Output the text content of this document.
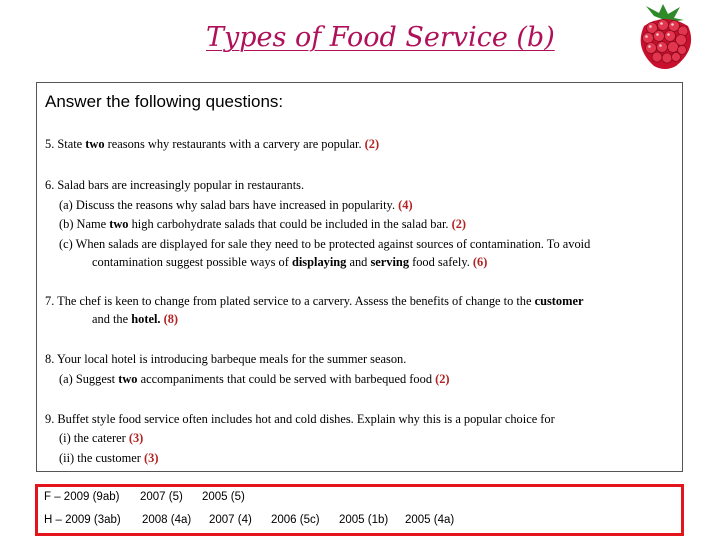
Types of Food Service (b)
Answer the following questions:
5. State two reasons why restaurants with a carvery are popular. (2)
6. Salad bars are increasingly popular in restaurants.
(a) Discuss the reasons why salad bars have increased in popularity. (4)
(b) Name two high carbohydrate salads that could be included in the salad bar. (2)
(c) When salads are displayed for sale they need to be protected against sources of contamination. To avoid
contamination suggest possible ways of displaying and serving food safely. (6)
7. The chef is keen to change from plated service to a carvery. Assess the benefits of change to the customer
and the hotel. (8)
8. Your local hotel is introducing barbeque meals for the summer season.
(a) Suggest two accompaniments that could be served with barbequed food (2)
9. Buffet style food service often includes hot and cold dishes. Explain why this is a popular choice for
(i) the caterer (3)
(ii) the customer (3)
F – 2009 (9ab) 2007 (5) 2005 (5)
H – 2009 (3ab) 2008 (4a) 2007 (4) 2006 (5c) 2005 (1b) 2005 (4a)
